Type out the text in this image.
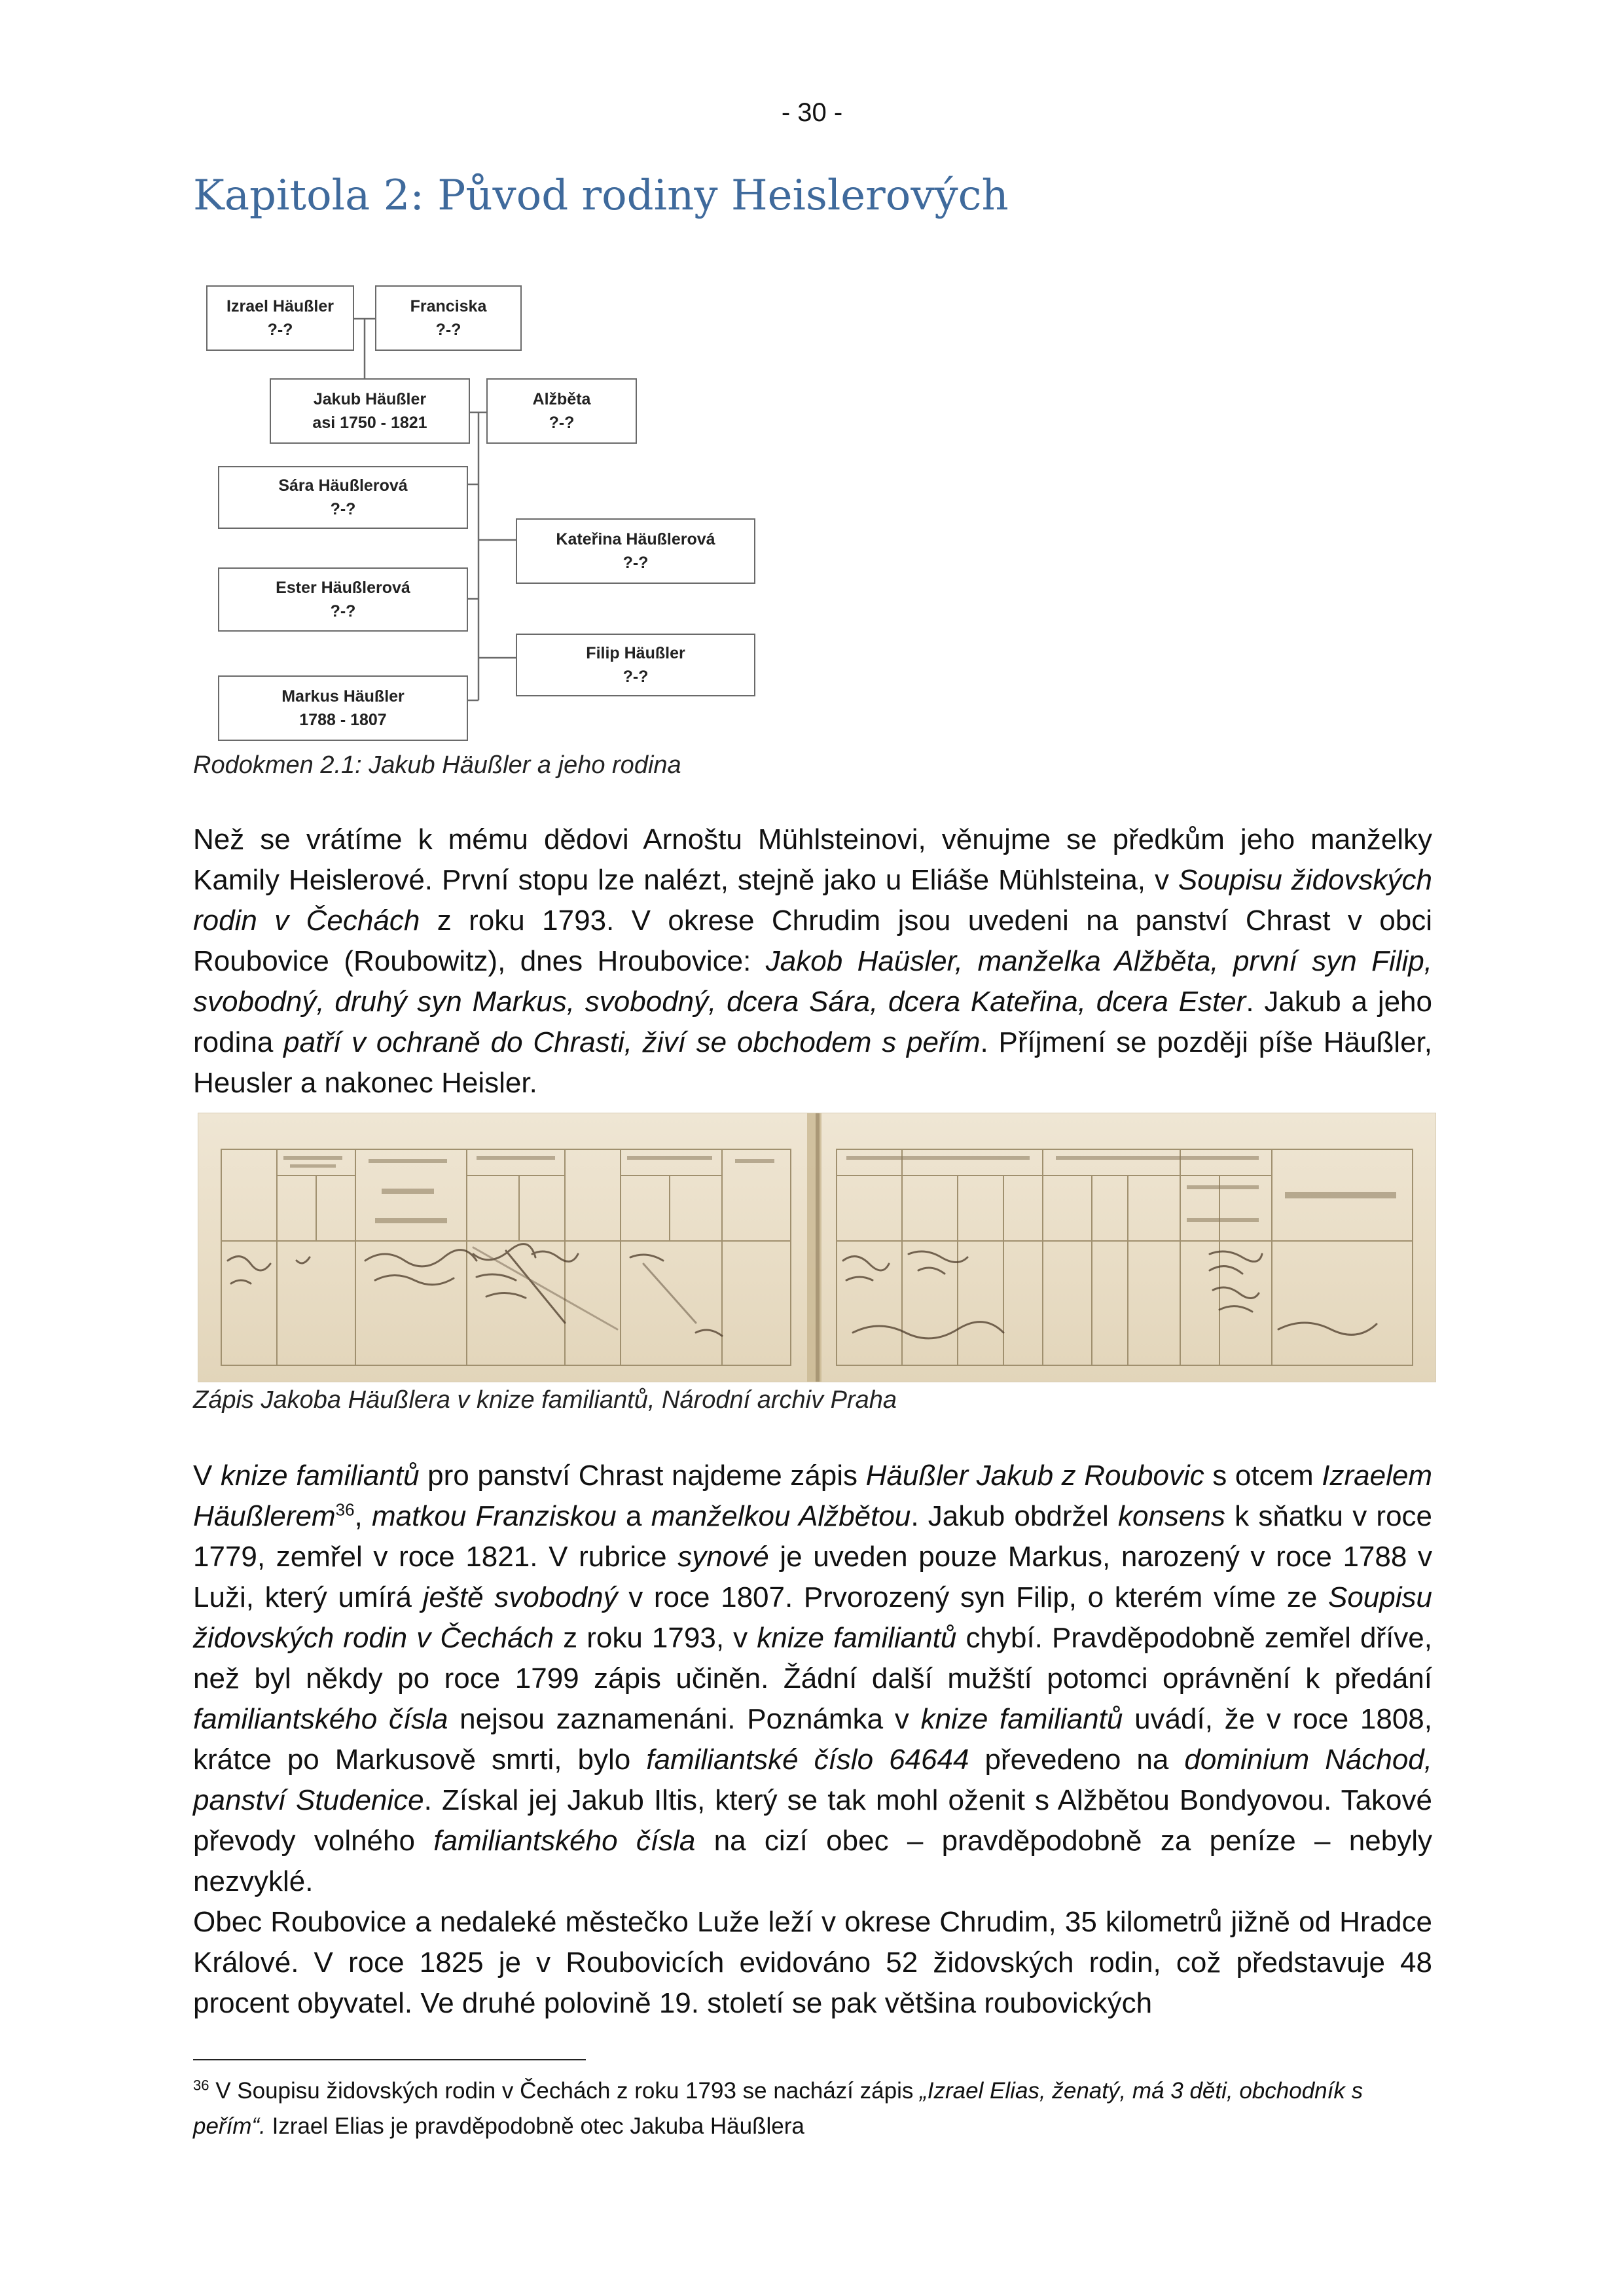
- 30 -
Kapitola 2: Původ rodiny Heislerových
Izrael Häußler
?-?
Franciska
?-?
Jakub Häußler
asi 1750 - 1821
Alžběta
?-?
Sára Häußlerová
?-?
Kateřina Häußlerová
?-?
Ester Häußlerová
?-?
Filip Häußler
?-?
Markus Häußler
1788 - 1807
Rodokmen 2.1: Jakub Häußler a jeho rodina

Než se vrátíme k mému dědovi Arnoštu Mühlsteinovi, věnujme se předkům jeho manželky Kamily Heislerové. První stopu lze nalézt, stejně jako u Eliáše Mühlsteina, v Soupisu židovských rodin v Čechách z roku 1793. V okrese Chrudim jsou uvedeni na panství Chrast v obci Roubovice (Roubowitz), dnes Hroubovice: Jakob Haüsler, manželka Alžběta, první syn Filip, svobodný, druhý syn Markus, svobodný, dcera Sára, dcera Kateřina, dcera Ester. Jakub a jeho rodina patří v ochraně do Chrasti, živí se obchodem s peřím. Příjmení se později píše Häußler, Heusler a nakonec Heisler.

Zápis Jakoba Häußlera v knize familiantů, Národní archiv Praha

V knize familiantů pro panství Chrast najdeme zápis Häußler Jakub z Roubovic s otcem Izraelem Häußlerem$^{36}$, matkou Franziskou a manželkou Alžbětou. Jakub obdržel konsens k sňatku v roce 1779, zemřel v roce 1821. V rubrice synové je uveden pouze Markus, narozený v roce 1788 v Luži, který umírá ještě svobodný v roce 1807. Prvorozený syn Filip, o kterém víme ze Soupisu židovských rodin v Čechách z roku 1793, v knize familiantů chybí. Pravděpodobně zemřel dříve, než byl někdy po roce 1799 zápis učiněn. Žádní další mužští potomci oprávnění k předání familiantského čísla nejsou zaznamenáni. Poznámka v knize familiantů uvádí, že v roce 1808, krátce po Markusově smrti, bylo familiantské číslo 64644 převedeno na dominium Náchod, panství Studenice. Získal jej Jakub Iltis, který se tak mohl oženit s Alžbětou Bondyovou. Takové převody volného familiantského čísla na cizí obec – pravděpodobně za peníze – nebyly nezvyklé.

Obec Roubovice a nedaleké městečko Luže leží v okrese Chrudim, 35 kilometrů jižně od Hradce Králové. V roce 1825 je v Roubovicích evidováno 52 židovských rodin, což představuje 48 procent obyvatel. Ve druhé polovině 19. století se pak většina roubovických

$^{36}$ V Soupisu židovských rodin v Čechách z roku 1793 se nachází zápis „Izrael Elias, ženatý, má 3 děti, obchodník s peřím“. Izrael Elias je pravděpodobně otec Jakuba Häußlera
